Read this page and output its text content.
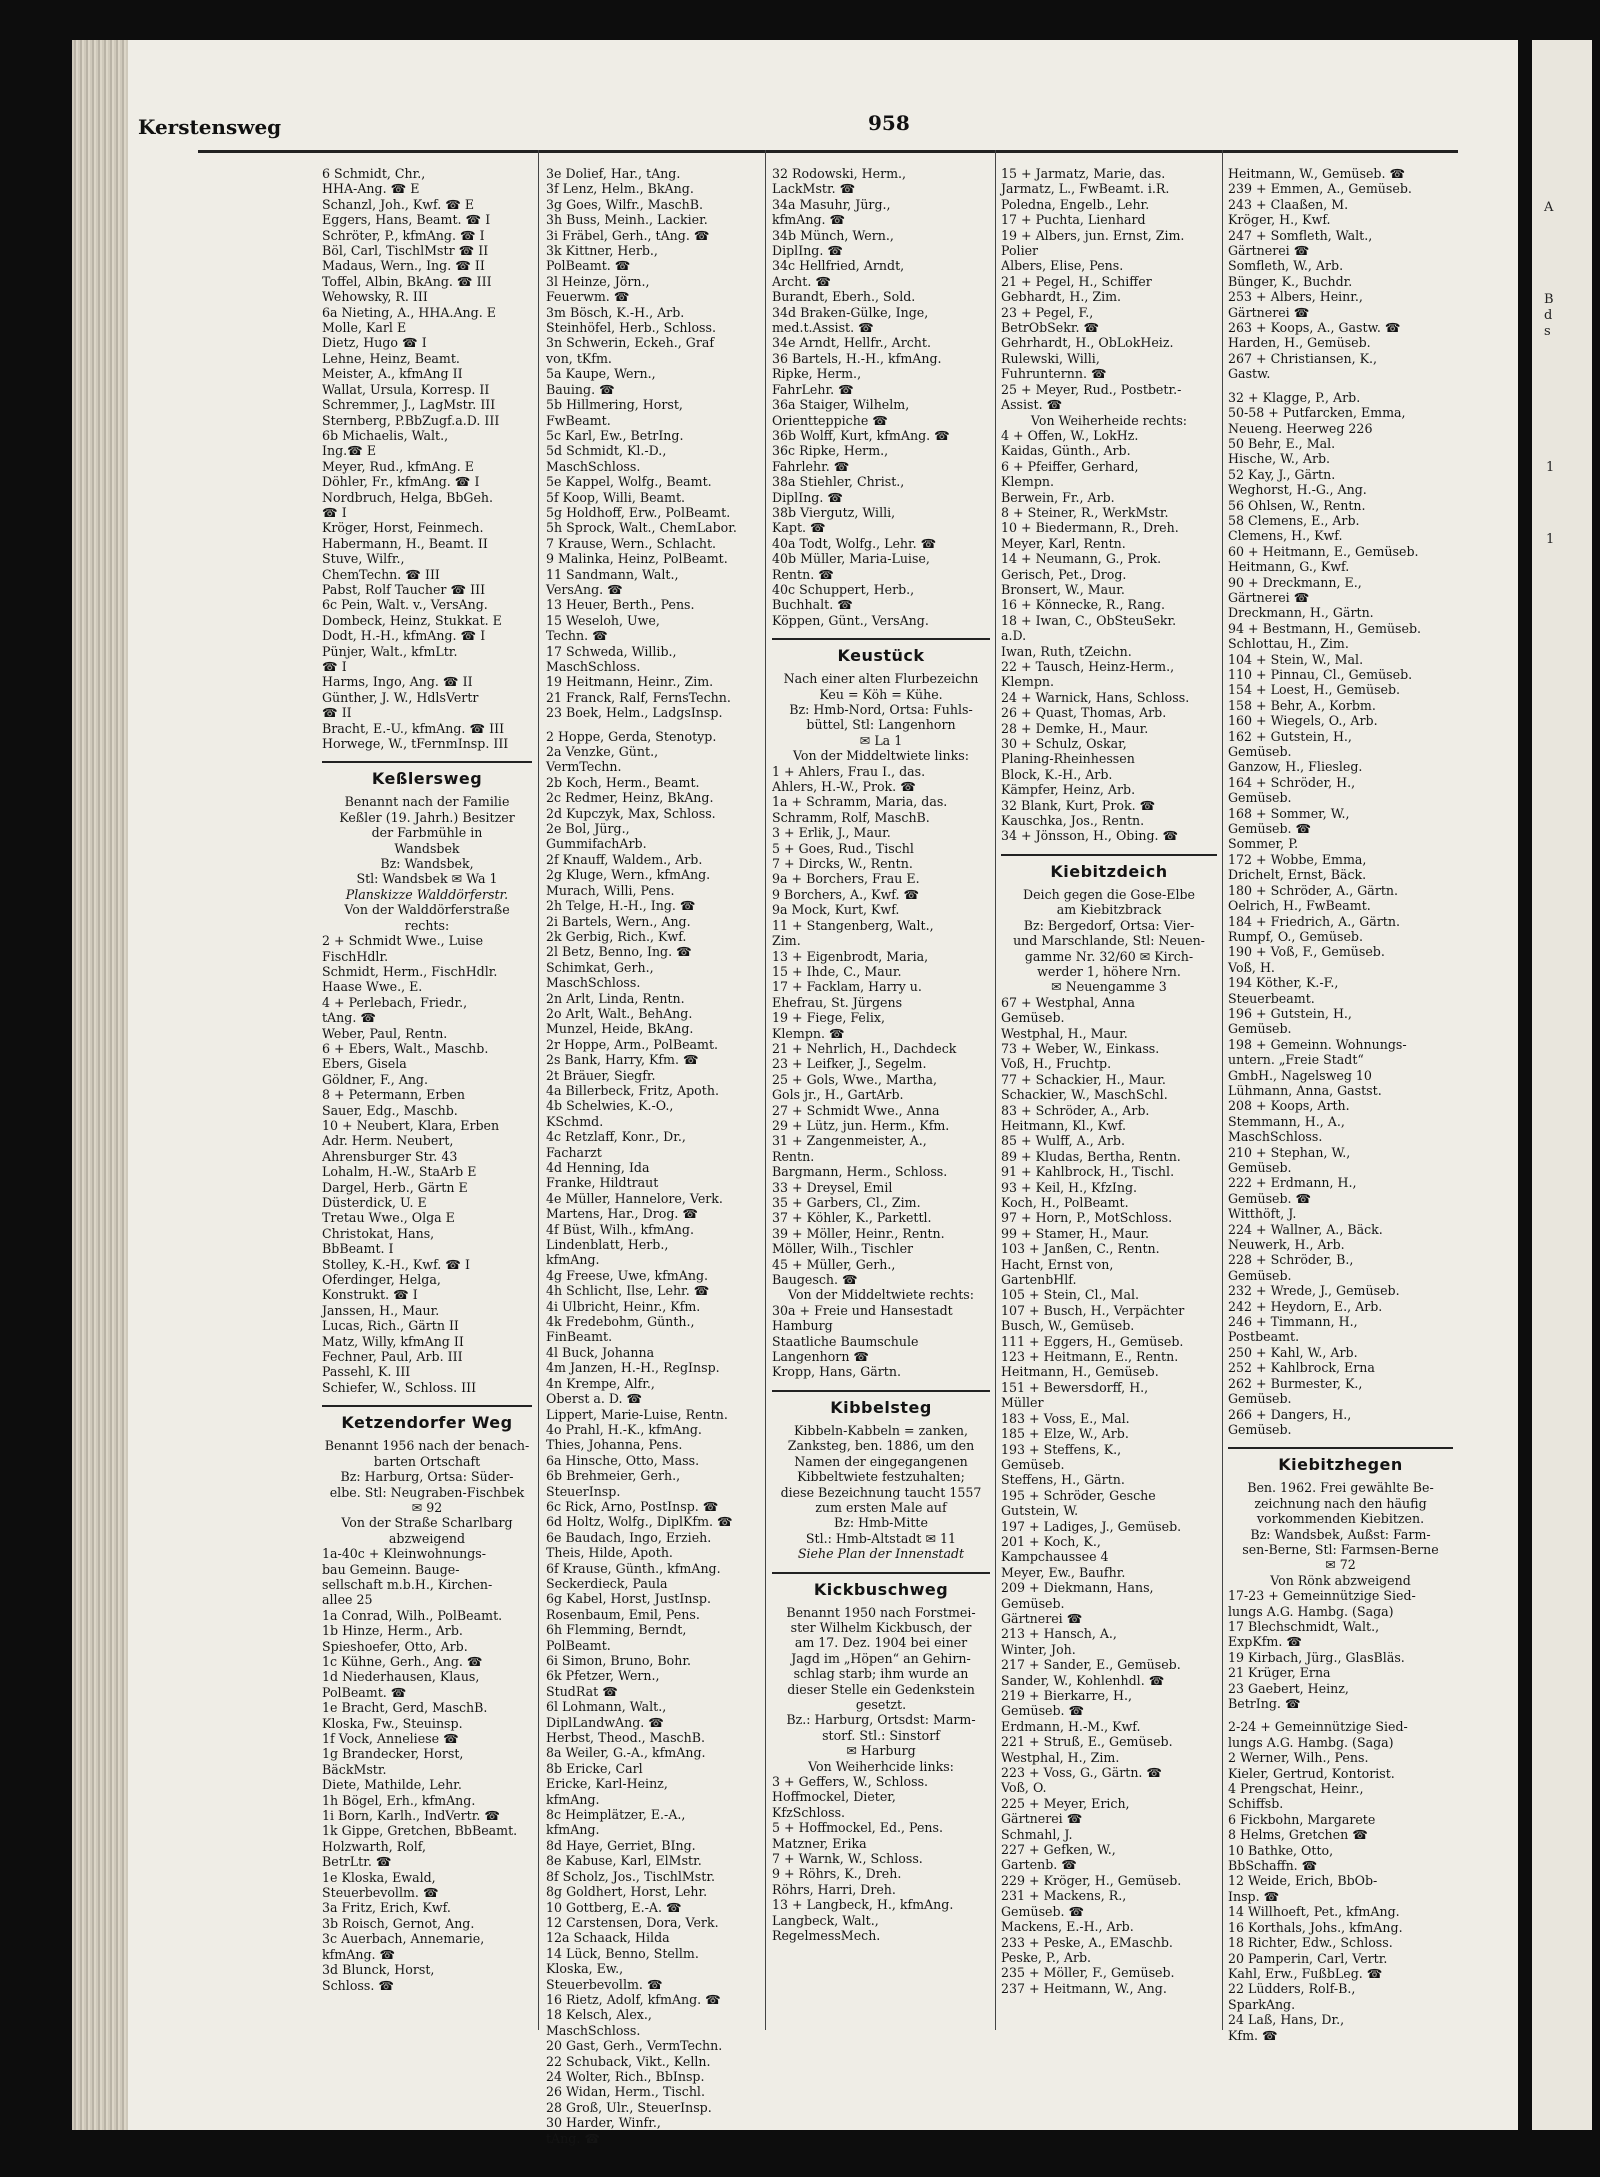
A
B
d
s
1
1
Kerstensweg	958
6 Schmidt, Chr.,
HHA-Ang. ☎ E
Schanzl, Joh., Kwf. ☎ E
Eggers, Hans, Beamt. ☎ I
Schröter, P., kfmAng. ☎ I
Böl, Carl, TischlMstr ☎ II
Madaus, Wern., Ing. ☎ II
Toffel, Albin, BkAng. ☎ III
Wehowsky, R. III
6a Nieting, A., HHA.Ang. E
Molle, Karl E
Dietz, Hugo ☎ I
Lehne, Heinz, Beamt.
Meister, A., kfmAng II
Wallat, Ursula, Korresp. II
Schremmer, J., LagMstr. III
Sternberg, P.BbZugf.a.D. III
6b Michaelis, Walt.,
Ing.☎ E
Meyer, Rud., kfmAng. E
Döhler, Fr., kfmAng. ☎ I
Nordbruch, Helga, BbGeh.
☎ I
Kröger, Horst, Feinmech.
Habermann, H., Beamt. II
Stuve, Wilfr.,
ChemTechn. ☎ III
Pabst, Rolf Taucher ☎ III
6c Pein, Walt. v., VersAng.
Dombeck, Heinz, Stukkat. E
Dodt, H.-H., kfmAng. ☎ I
Pünjer, Walt., kfmLtr.
☎ I
Harms, Ingo, Ang. ☎ II
Günther, J. W., HdlsVertr
☎ II
Bracht, E.-U., kfmAng. ☎ III
Horwege, W., tFernmInsp. III
Keßlersweg
Benannt nach der Familie
Keßler (19. Jahrh.) Besitzer
der Farbmühle in
Wandsbek
Bz: Wandsbek,
Stl: Wandsbek ✉ Wa 1
Planskizze Walddörferstr.
Von der Walddörferstraße
rechts:
2 + Schmidt Wwe., Luise
FischHdlr.
Schmidt, Herm., FischHdlr.
Haase Wwe., E.
4 + Perlebach, Friedr.,
tAng. ☎
Weber, Paul, Rentn.
6 + Ebers, Walt., Maschb.
Ebers, Gisela
Göldner, F., Ang.
8 + Petermann, Erben
Sauer, Edg., Maschb.
10 + Neubert, Klara, Erben
Adr. Herm. Neubert,
Ahrensburger Str. 43
Lohalm, H.-W., StaArb E
Dargel, Herb., Gärtn E
Düsterdick, U. E
Tretau Wwe., Olga E
Christokat, Hans,
BbBeamt. I
Stolley, K.-H., Kwf. ☎ I
Oferdinger, Helga,
Konstrukt. ☎ I
Janssen, H., Maur.
Lucas, Rich., Gärtn II
Matz, Willy, kfmAng II
Fechner, Paul, Arb. III
Passehl, K. III
Schiefer, W., Schloss. III
Ketzendorfer Weg
Benannt 1956 nach der benach-
barten Ortschaft
Bz: Harburg, Ortsa: Süder-
elbe. Stl: Neugraben-Fischbek
✉ 92
Von der Straße Scharlbarg
abzweigend
1a-40c + Kleinwohnungs-
bau Gemeinn. Bauge-
sellschaft m.b.H., Kirchen-
allee 25
1a Conrad, Wilh., PolBeamt.
1b Hinze, Herm., Arb.
Spieshoefer, Otto, Arb.
1c Kühne, Gerh., Ang. ☎
1d Niederhausen, Klaus,
PolBeamt. ☎
1e Bracht, Gerd, MaschB.
Kloska, Fw., Steuinsp.
1f Vock, Anneliese ☎
1g Brandecker, Horst,
BäckMstr.
Diete, Mathilde, Lehr.
1h Bögel, Erh., kfmAng.
1i Born, Karlh., IndVertr. ☎
1k Gippe, Gretchen, BbBeamt.
Holzwarth, Rolf,
BetrLtr. ☎
1e Kloska, Ewald,
Steuerbevollm. ☎
3a Fritz, Erich, Kwf.
3b Roisch, Gernot, Ang.
3c Auerbach, Annemarie,
kfmAng. ☎
3d Blunck, Horst,
Schloss. ☎
3e Dolief, Har., tAng.
3f Lenz, Helm., BkAng.
3g Goes, Wilfr., MaschB.
3h Buss, Meinh., Lackier.
3i Fräbel, Gerh., tAng. ☎
3k Kittner, Herb.,
PolBeamt. ☎
3l Heinze, Jörn.,
Feuerwm. ☎
3m Bösch, K.-H., Arb.
Steinhöfel, Herb., Schloss.
3n Schwerin, Eckeh., Graf
von, tKfm.
5a Kaupe, Wern.,
Bauing. ☎
5b Hillmering, Horst,
FwBeamt.
5c Karl, Ew., BetrIng.
5d Schmidt, Kl.-D.,
MaschSchloss.
5e Kappel, Wolfg., Beamt.
5f Koop, Willi, Beamt.
5g Holdhoff, Erw., PolBeamt.
5h Sprock, Walt., ChemLabor.
7 Krause, Wern., Schlacht.
9 Malinka, Heinz, PolBeamt.
11 Sandmann, Walt.,
VersAng. ☎
13 Heuer, Berth., Pens.
15 Weseloh, Uwe,
Techn. ☎
17 Schweda, Willib.,
MaschSchloss.
19 Heitmann, Heinr., Zim.
21 Franck, Ralf, FernsTechn.
23 Boek, Helm., LadgsInsp.
2 Hoppe, Gerda, Stenotyp.
2a Venzke, Günt.,
VermTechn.
2b Koch, Herm., Beamt.
2c Redmer, Heinz, BkAng.
2d Kupczyk, Max, Schloss.
2e Bol, Jürg.,
GummifachArb.
2f Knauff, Waldem., Arb.
2g Kluge, Wern., kfmAng.
Murach, Willi, Pens.
2h Telge, H.-H., Ing. ☎
2i Bartels, Wern., Ang.
2k Gerbig, Rich., Kwf.
2l Betz, Benno, Ing. ☎
Schimkat, Gerh.,
MaschSchloss.
2n Arlt, Linda, Rentn.
2o Arlt, Walt., BehAng.
Munzel, Heide, BkAng.
2r Hoppe, Arm., PolBeamt.
2s Bank, Harry, Kfm. ☎
2t Bräuer, Siegfr.
4a Billerbeck, Fritz, Apoth.
4b Schelwies, K.-O.,
KSchmd.
4c Retzlaff, Konr., Dr.,
Facharzt
4d Henning, Ida
Franke, Hildtraut
4e Müller, Hannelore, Verk.
Martens, Har., Drog. ☎
4f Büst, Wilh., kfmAng.
Lindenblatt, Herb.,
kfmAng.
4g Freese, Uwe, kfmAng.
4h Schlicht, Ilse, Lehr. ☎
4i Ulbricht, Heinr., Kfm.
4k Fredebohm, Günth.,
FinBeamt.
4l Buck, Johanna
4m Janzen, H.-H., RegInsp.
4n Krempe, Alfr.,
Oberst a. D. ☎
Lippert, Marie-Luise, Rentn.
4o Prahl, H.-K., kfmAng.
Thies, Johanna, Pens.
6a Hinsche, Otto, Mass.
6b Brehmeier, Gerh.,
SteuerInsp.
6c Rick, Arno, PostInsp. ☎
6d Holtz, Wolfg., DiplKfm. ☎
6e Baudach, Ingo, Erzieh.
Theis, Hilde, Apoth.
6f Krause, Günth., kfmAng.
Seckerdieck, Paula
6g Kabel, Horst, JustInsp.
Rosenbaum, Emil, Pens.
6h Flemming, Berndt,
PolBeamt.
6i Simon, Bruno, Bohr.
6k Pfetzer, Wern.,
StudRat ☎
6l Lohmann, Walt.,
DiplLandwAng. ☎
Herbst, Theod., MaschB.
8a Weiler, G.-A., kfmAng.
8b Ericke, Carl
Ericke, Karl-Heinz,
kfmAng.
8c Heimplätzer, E.-A.,
kfmAng.
8d Haye, Gerriet, BIng.
8e Kabuse, Karl, ElMstr.
8f Scholz, Jos., TischlMstr.
8g Goldhert, Horst, Lehr.
10 Gottberg, E.-A. ☎
12 Carstensen, Dora, Verk.
12a Schaack, Hilda
14 Lück, Benno, Stellm.
Kloska, Ew.,
Steuerbevollm. ☎
16 Rietz, Adolf, kfmAng. ☎
18 Kelsch, Alex.,
MaschSchloss.
20 Gast, Gerh., VermTechn.
22 Schuback, Vikt., Kelln.
24 Wolter, Rich., BbInsp.
26 Widan, Herm., Tischl.
28 Groß, Ulr., SteuerInsp.
30 Harder, Winfr.,
tAng. ☎
32 Rodowski, Herm.,
LackMstr. ☎
34a Masuhr, Jürg.,
kfmAng. ☎
34b Münch, Wern.,
DiplIng. ☎
34c Hellfried, Arndt,
Archt. ☎
Burandt, Eberh., Sold.
34d Braken-Gülke, Inge,
med.t.Assist. ☎
34e Arndt, Hellfr., Archt.
36 Bartels, H.-H., kfmAng.
Ripke, Herm.,
FahrLehr. ☎
36a Staiger, Wilhelm,
Orientteppiche ☎
36b Wolff, Kurt, kfmAng. ☎
36c Ripke, Herm.,
Fahrlehr. ☎
38a Stiehler, Christ.,
DiplIng. ☎
38b Viergutz, Willi,
Kapt. ☎
40a Todt, Wolfg., Lehr. ☎
40b Müller, Maria-Luise,
Rentn. ☎
40c Schuppert, Herb.,
Buchhalt. ☎
Köppen, Günt., VersAng.
Keustück
Nach einer alten Flurbezeichn
Keu = Köh = Kühe.
Bz: Hmb-Nord, Ortsa: Fuhls-
büttel, Stl: Langenhorn
✉ La 1
Von der Middeltwiete links:
1 + Ahlers, Frau I., das.
Ahlers, H.-W., Prok. ☎
1a + Schramm, Maria, das.
Schramm, Rolf, MaschB.
3 + Erlik, J., Maur.
5 + Goes, Rud., Tischl
7 + Dircks, W., Rentn.
9a + Borchers, Frau E.
9 Borchers, A., Kwf. ☎
9a Mock, Kurt, Kwf.
11 + Stangenberg, Walt.,
Zim.
13 + Eigenbrodt, Maria,
15 + Ihde, C., Maur.
17 + Facklam, Harry u.
Ehefrau, St. Jürgens
19 + Fiege, Felix,
Klempn. ☎
21 + Nehrlich, H., Dachdeck
23 + Leifker, J., Segelm.
25 + Gols, Wwe., Martha,
Gols jr., H., GartArb.
27 + Schmidt Wwe., Anna
29 + Lütz, jun. Herm., Kfm.
31 + Zangenmeister, A.,
Rentn.
Bargmann, Herm., Schloss.
33 + Dreysel, Emil
35 + Garbers, Cl., Zim.
37 + Köhler, K., Parkettl.
39 + Möller, Heinr., Rentn.
Möller, Wilh., Tischler
45 + Müller, Gerh.,
Baugesch. ☎
Von der Middeltwiete rechts:
30a + Freie und Hansestadt
Hamburg
Staatliche Baumschule
Langenhorn ☎
Kropp, Hans, Gärtn.
Kibbelsteg
Kibbeln-Kabbeln = zanken,
Zanksteg, ben. 1886, um den
Namen der eingegangenen
Kibbeltwiete festzuhalten;
diese Bezeichnung taucht 1557
zum ersten Male auf
Bz: Hmb-Mitte
Stl.: Hmb-Altstadt ✉ 11
Siehe Plan der Innenstadt
Kickbuschweg
Benannt 1950 nach Forstmei-
ster Wilhelm Kickbusch, der
am 17. Dez. 1904 bei einer
Jagd im „Höpen“ an Gehirn-
schlag starb; ihm wurde an
dieser Stelle ein Gedenkstein
gesetzt.
Bz.: Harburg, Ortsdst: Marm-
storf. Stl.: Sinstorf
✉ Harburg
Von Weiherhcide links:
3 + Geffers, W., Schloss.
Hoffmockel, Dieter,
KfzSchloss.
5 + Hoffmockel, Ed., Pens.
Matzner, Erika
7 + Warnk, W., Schloss.
9 + Röhrs, K., Dreh.
Röhrs, Harri, Dreh.
13 + Langbeck, H., kfmAng.
Langbeck, Walt.,
RegelmessMech.
15 + Jarmatz, Marie, das.
Jarmatz, L., FwBeamt. i.R.
Poledna, Engelb., Lehr.
17 + Puchta, Lienhard
19 + Albers, jun. Ernst, Zim.
Polier
Albers, Elise, Pens.
21 + Pegel, H., Schiffer
Gebhardt, H., Zim.
23 + Pegel, F.,
BetrObSekr. ☎
Gehrhardt, H., ObLokHeiz.
Rulewski, Willi,
Fuhrunternn. ☎
25 + Meyer, Rud., Postbetr.-
Assist. ☎
Von Weiherheide rechts:
4 + Offen, W., LokHz.
Kaidas, Günth., Arb.
6 + Pfeiffer, Gerhard,
Klempn.
Berwein, Fr., Arb.
8 + Steiner, R., WerkMstr.
10 + Biedermann, R., Dreh.
Meyer, Karl, Rentn.
14 + Neumann, G., Prok.
Gerisch, Pet., Drog.
Bronsert, W., Maur.
16 + Könnecke, R., Rang.
18 + Iwan, C., ObSteuSekr.
a.D.
Iwan, Ruth, tZeichn.
22 + Tausch, Heinz-Herm.,
Klempn.
24 + Warnick, Hans, Schloss.
26 + Quast, Thomas, Arb.
28 + Demke, H., Maur.
30 + Schulz, Oskar,
Planing-Rheinhessen
Block, K.-H., Arb.
Kämpfer, Heinz, Arb.
32 Blank, Kurt, Prok. ☎
Kauschka, Jos., Rentn.
34 + Jönsson, H., Obing. ☎
Kiebitzdeich
Deich gegen die Gose-Elbe
am Kiebitzbrack
Bz: Bergedorf, Ortsa: Vier-
und Marschlande, Stl: Neuen-
gamme Nr. 32/60 ✉ Kirch-
werder 1, höhere Nrn.
✉ Neuengamme 3
67 + Westphal, Anna
Gemüseb.
Westphal, H., Maur.
73 + Weber, W., Einkass.
Voß, H., Fruchtp.
77 + Schackier, H., Maur.
Schackier, W., MaschSchl.
83 + Schröder, A., Arb.
Heitmann, Kl., Kwf.
85 + Wulff, A., Arb.
89 + Kludas, Bertha, Rentn.
91 + Kahlbrock, H., Tischl.
93 + Keil, H., KfzIng.
Koch, H., PolBeamt.
97 + Horn, P., MotSchloss.
99 + Stamer, H., Maur.
103 + Janßen, C., Rentn.
Hacht, Ernst von,
GartenbHlf.
105 + Stein, Cl., Mal.
107 + Busch, H., Verpächter
Busch, W., Gemüseb.
111 + Eggers, H., Gemüseb.
123 + Heitmann, E., Rentn.
Heitmann, H., Gemüseb.
151 + Bewersdorff, H.,
Müller
183 + Voss, E., Mal.
185 + Elze, W., Arb.
193 + Steffens, K.,
Gemüseb.
Steffens, H., Gärtn.
195 + Schröder, Gesche
Gutstein, W.
197 + Ladiges, J., Gemüseb.
201 + Koch, K.,
Kampchaussee 4
Meyer, Ew., Baufhr.
209 + Diekmann, Hans,
Gemüseb.
Gärtnerei ☎
213 + Hansch, A.,
Winter, Joh.
217 + Sander, E., Gemüseb.
Sander, W., Kohlenhdl. ☎
219 + Bierkarre, H.,
Gemüseb. ☎
Erdmann, H.-M., Kwf.
221 + Struß, E., Gemüseb.
Westphal, H., Zim.
223 + Voss, G., Gärtn. ☎
Voß, O.
225 + Meyer, Erich,
Gärtnerei ☎
Schmahl, J.
227 + Gefken, W.,
Gartenb. ☎
229 + Kröger, H., Gemüseb.
231 + Mackens, R.,
Gemüseb. ☎
Mackens, E.-H., Arb.
233 + Peske, A., EMaschb.
Peske, P., Arb.
235 + Möller, F., Gemüseb.
237 + Heitmann, W., Ang.
Heitmann, W., Gemüseb. ☎
239 + Emmen, A., Gemüseb.
243 + Claaßen, M.
Kröger, H., Kwf.
247 + Somfleth, Walt.,
Gärtnerei ☎
Somfleth, W., Arb.
Bünger, K., Buchdr.
253 + Albers, Heinr.,
Gärtnerei ☎
263 + Koops, A., Gastw. ☎
Harden, H., Gemüseb.
267 + Christiansen, K.,
Gastw.
32 + Klagge, P., Arb.
50-58 + Putfarcken, Emma,
Neueng. Heerweg 226
50 Behr, E., Mal.
Hische, W., Arb.
52 Kay, J., Gärtn.
Weghorst, H.-G., Ang.
56 Ohlsen, W., Rentn.
58 Clemens, E., Arb.
Clemens, H., Kwf.
60 + Heitmann, E., Gemüseb.
Heitmann, G., Kwf.
90 + Dreckmann, E.,
Gärtnerei ☎
Dreckmann, H., Gärtn.
94 + Bestmann, H., Gemüseb.
Schlottau, H., Zim.
104 + Stein, W., Mal.
110 + Pinnau, Cl., Gemüseb.
154 + Loest, H., Gemüseb.
158 + Behr, A., Korbm.
160 + Wiegels, O., Arb.
162 + Gutstein, H.,
Gemüseb.
Ganzow, H., Fliesleg.
164 + Schröder, H.,
Gemüseb.
168 + Sommer, W.,
Gemüseb. ☎
Sommer, P.
172 + Wobbe, Emma,
Drichelt, Ernst, Bäck.
180 + Schröder, A., Gärtn.
Oelrich, H., FwBeamt.
184 + Friedrich, A., Gärtn.
Rumpf, O., Gemüseb.
190 + Voß, F., Gemüseb.
Voß, H.
194 Köther, K.-F.,
Steuerbeamt.
196 + Gutstein, H.,
Gemüseb.
198 + Gemeinn. Wohnungs-
untern. „Freie Stadt“
GmbH., Nagelsweg 10
Lühmann, Anna, Gastst.
208 + Koops, Arth.
Stemmann, H., A.,
MaschSchloss.
210 + Stephan, W.,
Gemüseb.
222 + Erdmann, H.,
Gemüseb. ☎
Witthöft, J.
224 + Wallner, A., Bäck.
Neuwerk, H., Arb.
228 + Schröder, B.,
Gemüseb.
232 + Wrede, J., Gemüseb.
242 + Heydorn, E., Arb.
246 + Timmann, H.,
Postbeamt.
250 + Kahl, W., Arb.
252 + Kahlbrock, Erna
262 + Burmester, K.,
Gemüseb.
266 + Dangers, H.,
Gemüseb.
Kiebitzhegen
Ben. 1962. Frei gewählte Be-
zeichnung nach den häufig
vorkommenden Kiebitzen.
Bz: Wandsbek, Außst: Farm-
sen-Berne, Stl: Farmsen-Berne
✉ 72
Von Rönk abzweigend
17-23 + Gemeinnützige Sied-
lungs A.G. Hambg. (Saga)
17 Blechschmidt, Walt.,
ExpKfm. ☎
19 Kirbach, Jürg., GlasBläs.
21 Krüger, Erna
23 Gaebert, Heinz,
BetrIng. ☎
2-24 + Gemeinnützige Sied-
lungs A.G. Hambg. (Saga)
2 Werner, Wilh., Pens.
Kieler, Gertrud, Kontorist.
4 Prengschat, Heinr.,
Schiffsb.
6 Fickbohn, Margarete
8 Helms, Gretchen ☎
10 Bathke, Otto,
BbSchaffn. ☎
12 Weide, Erich, BbOb-
Insp. ☎
14 Willhoeft, Pet., kfmAng.
16 Korthals, Johs., kfmAng.
18 Richter, Edw., Schloss.
20 Pamperin, Carl, Vertr.
Kahl, Erw., FußbLeg. ☎
22 Lüdders, Rolf-B.,
SparkAng.
24 Laß, Hans, Dr.,
Kfm. ☎
